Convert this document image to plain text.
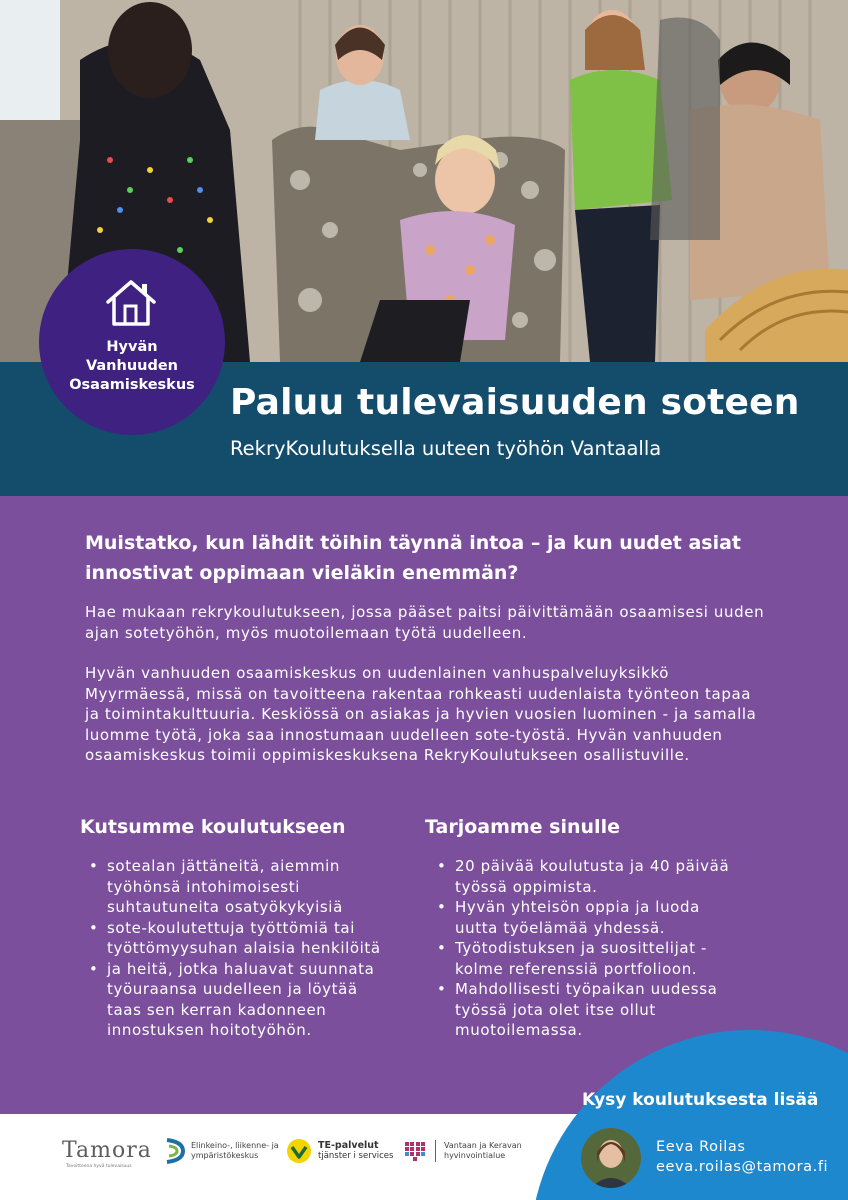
Paluu tulevaisuuden soteen
RekryKoulutuksella uuteen työhön Vantaalla
Hyvän
Vanhuuden
Osaamiskeskus

Muistatko, kun lähdit töihin täynnä intoa – ja kun uudet asiat innostivat oppimaan vieläkin enemmän?

Hae mukaan rekrykoulutukseen, jossa pääset paitsi päivittämään osaamisesi uuden ajan sotetyöhön, myös muotoilemaan työtä uudelleen.

Hyvän vanhuuden osaamiskeskus on uudenlainen vanhuspalveluyksikkö Myyrmäessä, missä on tavoitteena rakentaa rohkeasti uudenlaista työnteon tapaa ja toimintakulttuuria. Keskiössä on asiakas ja hyvien vuosien luominen - ja samalla luomme työtä, joka saa innostumaan uudelleen sote-työstä. Hyvän vanhuuden osaamiskeskus toimii oppimiskeskuksena RekryKoulutukseen osallistuville.

Kutsumme koulutukseen
• sotealan jättäneitä, aiemmin työhönsä intohimoisesti suhtautuneita osatyökykyisiä
• sote-koulutettuja työttömiä tai työttömyysuhan alaisia henkilöitä
• ja heitä, jotka haluavat suunnata työuraansa uudelleen ja löytää taas sen kerran kadonneen innostuksen hoitotyöhön.
Tarjoamme sinulle
• 20 päivää koulutusta ja 40 päivää työssä oppimista.
• Hyvän yhteisön oppia ja luoda uutta työelämää yhdessä.
• Työtodistuksen ja suosittelijat - kolme referenssiä portfolioon.
• Mahdollisesti työpaikan uudessa työssä jota olet itse ollut muotoilemassa.
Tamora
Tavoitteena hyvä tulevaisuus
Elinkeino-, liikenne- ja
ympäristökeskus
TE-palvelut
tjänster i services
Vantaan ja Keravan
hyvinvointialue
Kysy koulutuksesta lisää
Eeva Roilas
eeva.roilas@tamora.fi
